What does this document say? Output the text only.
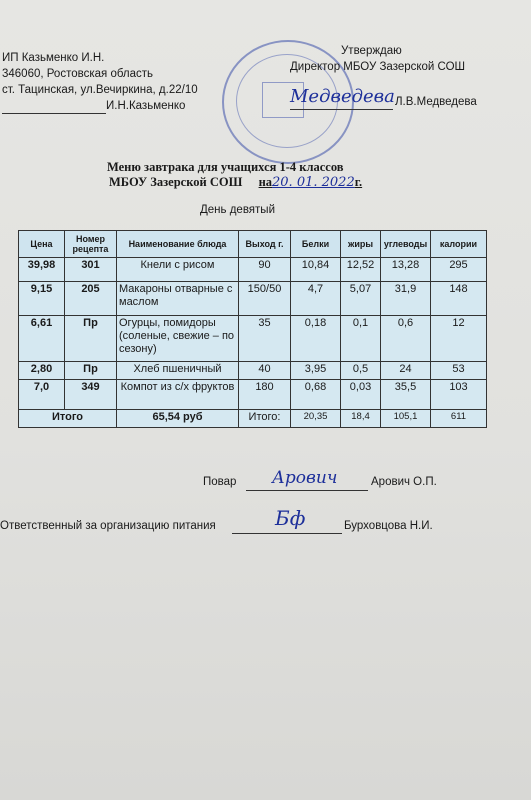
ИП Казьменко И.Н.
346060, Ростовская область
ст. Тацинская, ул.Вечиркина, д.22/10
И.Н.Казьменко
Утверждаю
Директор МБОУ Зазерской СОШ
Медведева Л.В.Медведева
Меню завтрака для учащихся 1-4 классов
МБОУ Зазерской СОШ на20. 01. 2022г.
День девятый
Цена	Номер рецепта	Наименование блюда	Выход г.	Белки	жиры	углеводы	калории
39,98	301	Кнели с рисом	90	10,84	12,52	13,28	295
9,15	205	Макароны отварные с маслом	150/50	4,7	5,07	31,9	148
6,61	Пр	Огурцы, помидоры (соленые, свежие – по сезону)	35	0,18	0,1	0,6	12
2,80	Пр	Хлеб пшеничный	40	3,95	0,5	24	53
7,0	349	Компот из с/х фруктов	180	0,68	0,03	35,5	103
Итого		65,54 руб	Итого:	20,35	18,4	105,1	611
Повар Арович	Арович О.П.
Ответственный за организацию питания	Бф	Бурховцова Н.И.
